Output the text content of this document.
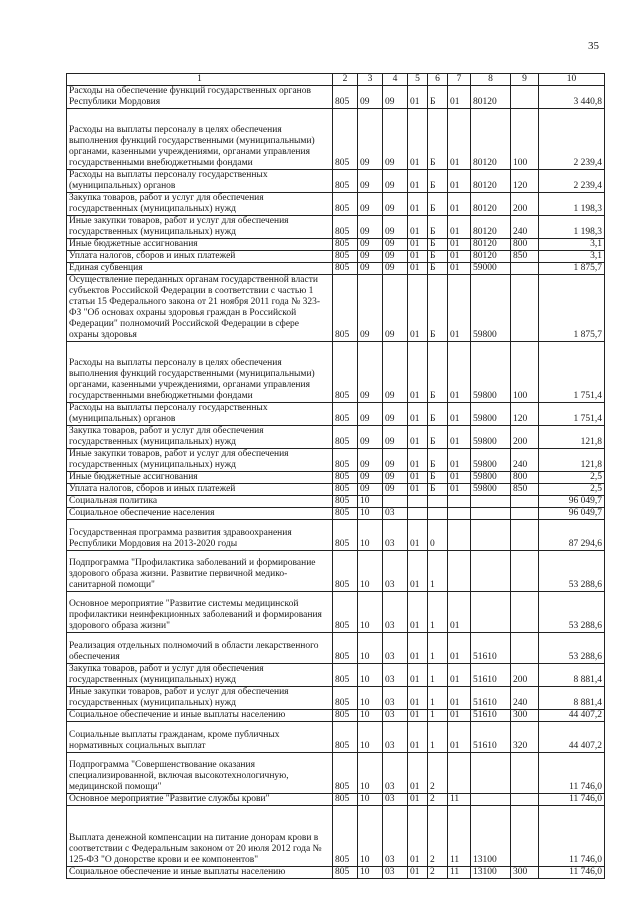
35
1	2	3	4	5	6	7	8	9	10
Расходы на обеспечение функций государственных органов Республики Мордовия	805	09	09	01	Б	01	80120		3 440,8
Расходы на выплаты персоналу в целях обеспечения выполнения функций государственными (муниципальными) органами, казенными учреждениями, органами управления государственными внебюджетными фондами	805	09	09	01	Б	01	80120	100	2 239,4
Расходы на выплаты персоналу государственных (муниципальных) органов	805	09	09	01	Б	01	80120	120	2 239,4
Закупка товаров, работ и услуг для обеспечения государственных (муниципальных) нужд	805	09	09	01	Б	01	80120	200	1 198,3
Иные закупки товаров, работ и услуг для обеспечения государственных (муниципальных) нужд	805	09	09	01	Б	01	80120	240	1 198,3
Иные бюджетные ассигнования	805	09	09	01	Б	01	80120	800	3,1
Уплата налогов, сборов и иных платежей	805	09	09	01	Б	01	80120	850	3,1
Единая субвенция	805	09	09	01	Б	01	59000		1 875,7
Осуществление переданных органам государственной власти субъектов Российской Федерации в соответствии с частью 1 статьи 15 Федерального закона от 21 ноября 2011 года № 323-ФЗ "Об основах охраны здоровья граждан в Российской Федерации" полномочий Российской Федерации в сфере охраны здоровья	805	09	09	01	Б	01	59800		1 875,7
Расходы на выплаты персоналу в целях обеспечения выполнения функций государственными (муниципальными) органами, казенными учреждениями, органами управления государственными внебюджетными фондами	805	09	09	01	Б	01	59800	100	1 751,4
Расходы на выплаты персоналу государственных (муниципальных) органов	805	09	09	01	Б	01	59800	120	1 751,4
Закупка товаров, работ и услуг для обеспечения государственных (муниципальных) нужд	805	09	09	01	Б	01	59800	200	121,8
Иные закупки товаров, работ и услуг для обеспечения государственных (муниципальных) нужд	805	09	09	01	Б	01	59800	240	121,8
Иные бюджетные ассигнования	805	09	09	01	Б	01	59800	800	2,5
Уплата налогов, сборов и иных платежей	805	09	09	01	Б	01	59800	850	2,5
Социальная политика	805	10							96 049,7
Социальное обеспечение населения	805	10	03						96 049,7
Государственная программа развития здравоохранения Республики Мордовия на 2013-2020 годы	805	10	03	01	0				87 294,6
Подпрограмма "Профилактика заболеваний и формирование здорового образа жизни. Развитие первичной медико-санитарной помощи"	805	10	03	01	1				53 288,6
Основное мероприятие "Развитие системы медицинской профилактики неинфекционных заболеваний и формирования здорового образа жизни"	805	10	03	01	1	01			53 288,6
Реализация отдельных полномочий в области лекарственного обеспечения	805	10	03	01	1	01	51610		53 288,6
Закупка товаров, работ и услуг для обеспечения государственных (муниципальных) нужд	805	10	03	01	1	01	51610	200	8 881,4
Иные закупки товаров, работ и услуг для обеспечения государственных (муниципальных) нужд	805	10	03	01	1	01	51610	240	8 881,4
Социальное обеспечение и иные выплаты населению	805	10	03	01	1	01	51610	300	44 407,2
Социальные выплаты гражданам, кроме публичных нормативных социальных выплат	805	10	03	01	1	01	51610	320	44 407,2
Подпрограмма "Совершенствование оказания специализированной, включая высокотехнологичную, медицинской помощи"	805	10	03	01	2				11 746,0
Основное мероприятие "Развитие службы крови"	805	10	03	01	2	11			11 746,0
Выплата денежной компенсации на питание донорам крови в соответствии с Федеральным законом от 20 июля 2012 года № 125-ФЗ "О донорстве крови и ее компонентов"	805	10	03	01	2	11	13100		11 746,0
Социальное обеспечение и иные выплаты населению	805	10	03	01	2	11	13100	300	11 746,0
